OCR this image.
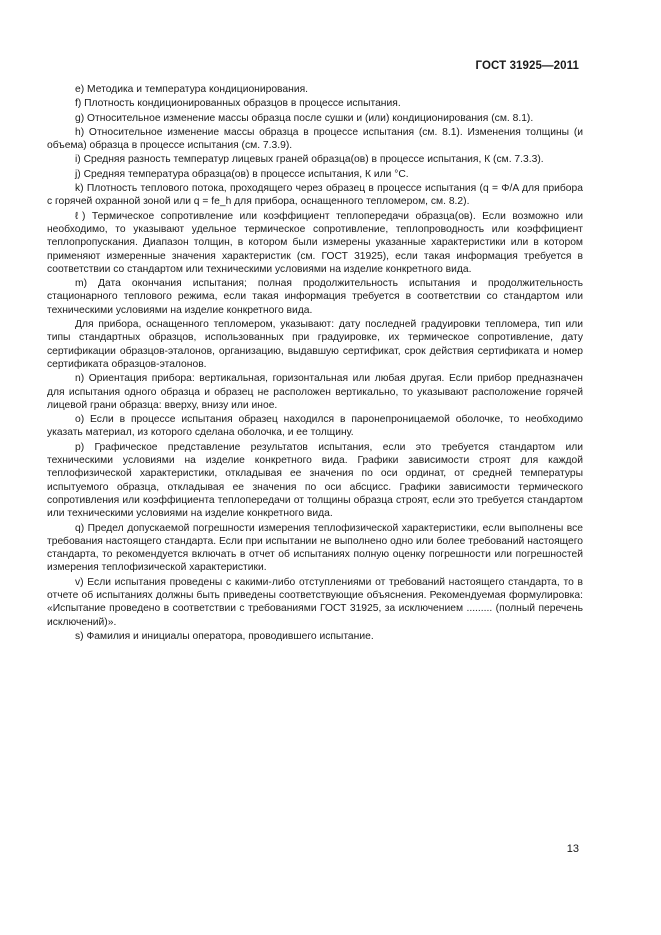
ГОСТ 31925—2011

e) Методика и температура кондиционирования.

f) Плотность кондиционированных образцов в процессе испытания.

g) Относительное изменение массы образца после сушки и (или) кондиционирования (см. 8.1).

h) Относительное изменение массы образца в процессе испытания (см. 8.1). Изменения толщины (и объема) образца в процессе испытания (см. 7.3.9).

i) Средняя разность температур лицевых граней образца(ов) в процессе испытания, К (см. 7.3.3).

j) Средняя температура образца(ов) в процессе испытания, К или °С.

k) Плотность теплового потока, проходящего через образец в процессе испытания (q = Φ/A для прибора с горячей охранной зоной или q = fe_h для прибора, оснащенного тепломером, см. 8.2).

ℓ) Термическое сопротивление или коэффициент теплопередачи образца(ов). Если возможно или необходимо, то указывают удельное термическое сопротивление, теплопроводность или коэффициент теплопропускания. Диапазон толщин, в котором были измерены указанные характеристики или в котором применяют измеренные значения характеристик (см. ГОСТ 31925), если такая информация требуется в соответствии со стандартом или техническими условиями на изделие конкретного вида.

m) Дата окончания испытания; полная продолжительность испытания и продолжительность стационарного теплового режима, если такая информация требуется в соответствии со стандартом или техническими условиями на изделие конкретного вида.

Для прибора, оснащенного тепломером, указывают: дату последней градуировки тепломера, тип или типы стандартных образцов, использованных при градуировке, их термическое сопротивление, дату сертификации образцов-эталонов, организацию, выдавшую сертификат, срок действия сертификата и номер сертификата образцов-эталонов.

n) Ориентация прибора: вертикальная, горизонтальная или любая другая. Если прибор предназначен для испытания одного образца и образец не расположен вертикально, то указывают расположение горячей лицевой грани образца: вверху, внизу или иное.

o) Если в процессе испытания образец находился в паронепроницаемой оболочке, то необходимо указать материал, из которого сделана оболочка, и ее толщину.

p) Графическое представление результатов испытания, если это требуется стандартом или техническими условиями на изделие конкретного вида. Графики зависимости строят для каждой теплофизической характеристики, откладывая ее значения по оси ординат, от средней температуры испытуемого образца, откладывая ее значения по оси абсцисс. Графики зависимости термического сопротивления или коэффициента теплопередачи от толщины образца строят, если это требуется стандартом или техническими условиями на изделие конкретного вида.

q) Предел допускаемой погрешности измерения теплофизической характеристики, если выполнены все требования настоящего стандарта. Если при испытании не выполнено одно или более требований настоящего стандарта, то рекомендуется включать в отчет об испытаниях полную оценку погрешности или погрешностей измерения теплофизической характеристики.

v) Если испытания проведены с какими-либо отступлениями от требований настоящего стандарта, то в отчете об испытаниях должны быть приведены соответствующие объяснения. Рекомендуемая формулировка: «Испытание проведено в соответствии с требованиями ГОСТ 31925, за исключением ......... (полный перечень исключений)».

s) Фамилия и инициалы оператора, проводившего испытание.

13
